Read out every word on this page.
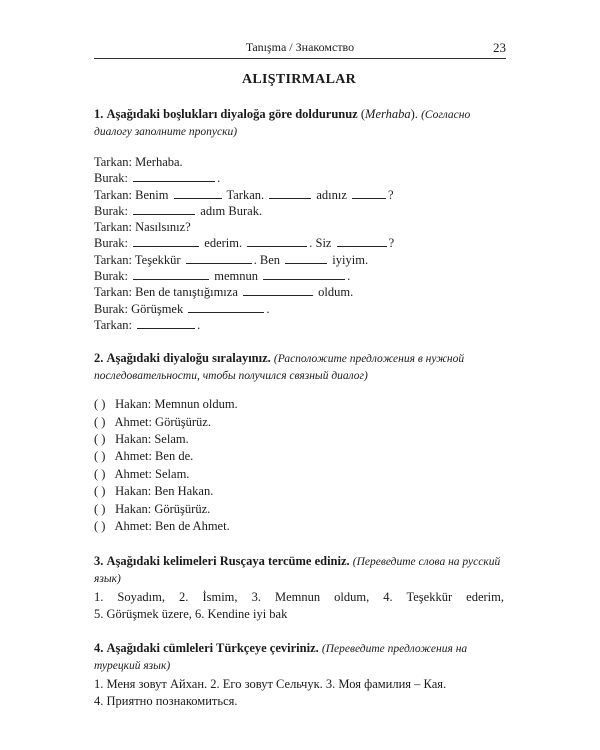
Tanışma / Знакомство	23
ALIŞTIRMALAR
1. Aşağıdaki boşlukları diyaloğa göre doldurunuz (Merhaba). (Согласно диалогу заполните пропуски)
Tarkan: Merhaba.
Burak:	.
Tarkan: Benim	Tarkan.	adınız	?
Burak:	adım Burak.
Tarkan: Nasılsınız?
Burak:	ederim.	. Siz	?
Tarkan: Teşekkür	. Ben	iyiyim.
Burak:	memnun	.
Tarkan: Ben de tanıştığımıza	oldum.
Burak: Görüşmek	.
Tarkan:	.
2. Aşağıdaki diyaloğu sıralayınız. (Расположите предложения в нужной последовательности, чтобы получился связный диалог)
( ) Hakan: Memnun oldum.
( ) Ahmet: Görüşürüz.
( ) Hakan: Selam.
( ) Ahmet: Ben de.
( ) Ahmet: Selam.
( ) Hakan: Ben Hakan.
( ) Hakan: Görüşürüz.
( ) Ahmet: Ben de Ahmet.
3. Aşağıdaki kelimeleri Rusçaya tercüme ediniz. (Переведите слова на русский язык)
1. Soyadım, 2. İsmim, 3. Memnun oldum, 4. Teşekkür ederim,
5. Görüşmek üzere, 6. Kendine iyi bak
4. Aşağıdaki cümleleri Türkçeye çeviriniz. (Переведите предложения на турецкий язык)
1. Меня зовут Айхан. 2. Его зовут Сельчук. 3. Моя фамилия – Кая.
4. Приятно познакомиться.
